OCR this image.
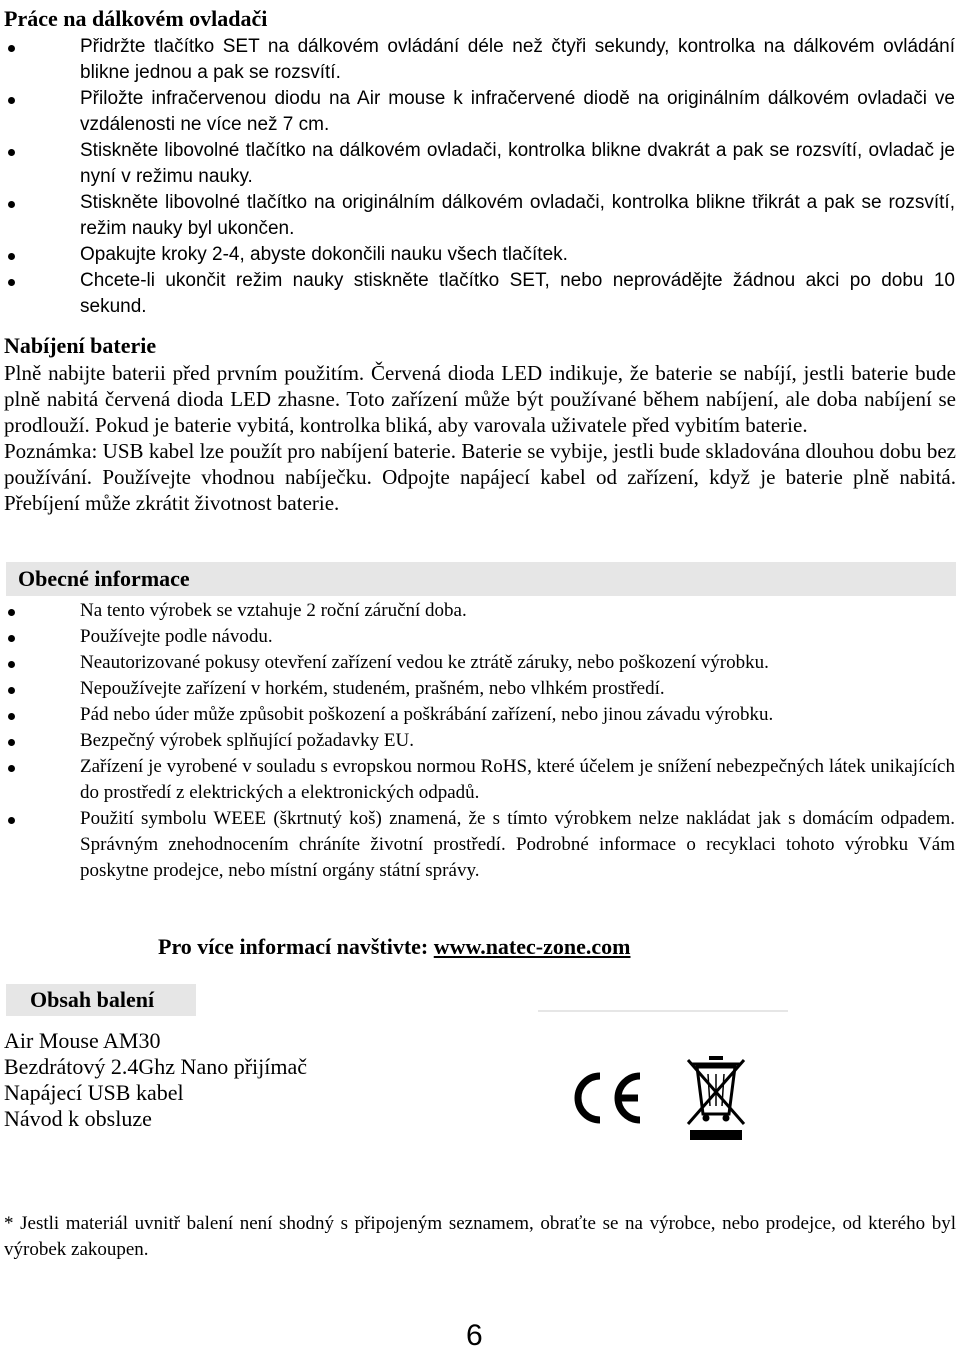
Práce na dálkovém ovladači
Přidržte tlačítko SET na dálkovém ovládání déle než čtyři sekundy, kontrolka na dálkovém ovládání blikne jednou a pak se rozsvítí.
Přiložte infračervenou diodu na Air mouse k infračervené diodě na originálním dálkovém ovladači ve vzdálenosti ne více než 7 cm.
Stiskněte libovolné tlačítko na dálkovém ovladači, kontrolka blikne dvakrát a pak se rozsvítí, ovladač je nyní v režimu nauky.
Stiskněte libovolné tlačítko na originálním dálkovém ovladači, kontrolka blikne třikrát a pak se rozsvítí, režim nauky byl ukončen.
Opakujte kroky 2-4, abyste dokončili nauku všech tlačítek.
Chcete-li ukončit režim nauky stiskněte tlačítko SET, nebo neprovádějte žádnou akci po dobu 10 sekund.
Nabíjení baterie

Plně nabijte baterii před prvním použitím. Červená dioda LED indikuje, že baterie se nabíjí, jestli baterie bude plně nabitá červená dioda LED zhasne. Toto zařízení může být používané během nabíjení, ale doba nabíjení se prodlouží. Pokud je baterie vybitá, kontrolka bliká, aby varovala uživatele před vybitím baterie.

Poznámka: USB kabel lze použít pro nabíjení baterie. Baterie se vybije, jestli bude skladována dlouhou dobu bez používání. Používejte vhodnou nabíječku. Odpojte napájecí kabel od zařízení, když je baterie plně nabitá. Přebíjení může zkrátit životnost baterie.

Obecné informace
Na tento výrobek se vztahuje 2 roční záruční doba.
Používejte podle návodu.
Neautorizované pokusy otevření zařízení vedou ke ztrátě záruky, nebo poškození výrobku.
Nepoužívejte zařízení v horkém, studeném, prašném, nebo vlhkém prostředí.
Pád nebo úder může způsobit poškození a poškrábání zařízení, nebo jinou závadu výrobku.
Bezpečný výrobek splňující požadavky EU.
Zařízení je vyrobené v souladu s evropskou normou RoHS, které účelem je snížení nebezpečných látek unikajících do prostředí z elektrických a elektronických odpadů.
Použití symbolu WEEE (škrtnutý koš) znamená, že s tímto výrobkem nelze nakládat jak s domácím odpadem. Správným znehodnocením chráníte životní prostředí. Podrobné informace o recyklaci tohoto výrobku Vám poskytne prodejce, nebo místní orgány státní správy.
Pro více informací navštivte: www.natec-zone.com
Obsah balení
Air Mouse AM30
Bezdrátový 2.4Ghz Nano přijímač
Napájecí USB kabel
Návod k obsluze

* Jestli materiál uvnitř balení není shodný s připojeným seznamem, obraťte se na výrobce, nebo prodejce, od kterého byl výrobek zakoupen.

6
